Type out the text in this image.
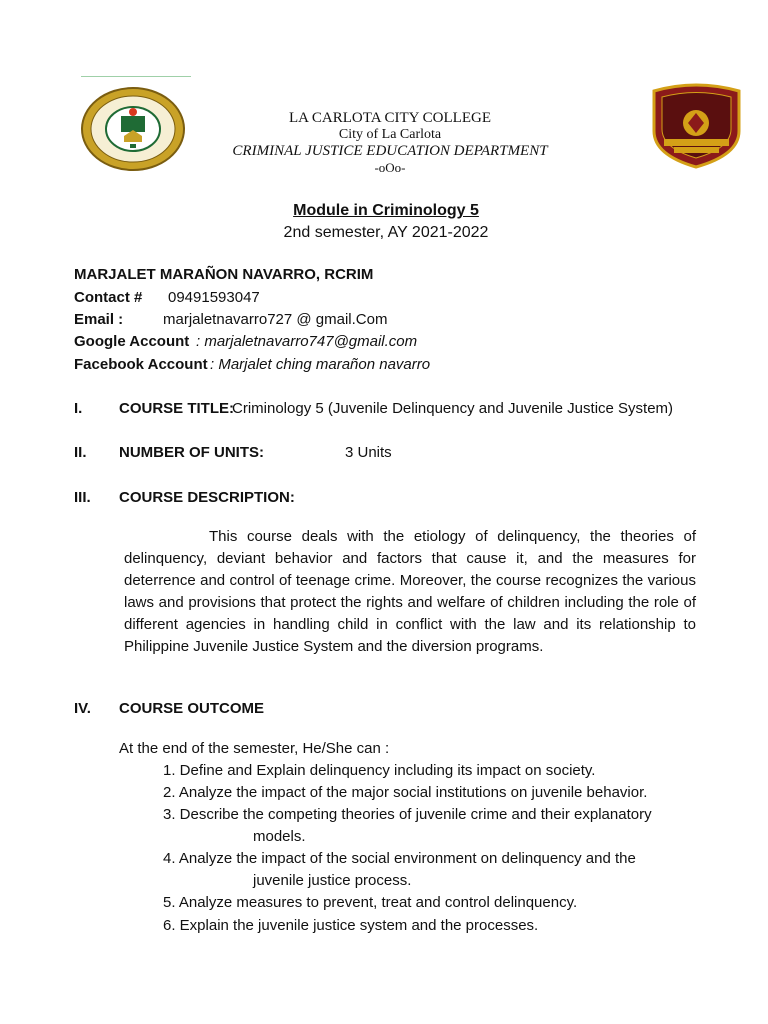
LA CARLOTA CITY COLLEGE
City of La Carlota
CRIMINAL JUSTICE EDUCATION DEPARTMENT
-oOo-
Module in Criminology 5
2nd semester, AY 2021-2022
MARJALET MARAÑON NAVARRO, RCRIM
Contact # 09491593047
Email :	marjaletnavarro727 @ gmail.Com
Google Account : marjaletnavarro747@gmail.com
Facebook Account : Marjalet ching marañon navarro
I. COURSE TITLE:
Criminology 5 (Juvenile Delinquency and Juvenile Justice System)
II. NUMBER OF UNITS:	3 Units
III. COURSE DESCRIPTION:
This course deals with the etiology of delinquency, the theories of delinquency, deviant behavior and factors that cause it, and the measures for deterrence and control of teenage crime. Moreover, the course recognizes the various laws and provisions that protect the rights and welfare of children including the role of different agencies in handling child in conflict with the law and its relationship to Philippine Juvenile Justice System and the diversion programs.
IV. COURSE OUTCOME
At the end of the semester, He/She can :
1. Define and Explain delinquency including its impact on society.
2. Analyze the impact of the major social institutions on juvenile behavior.
3. Describe the competing theories of juvenile crime and their explanatory
models.
4. Analyze the impact of the social environment on delinquency and the
juvenile justice process.
5. Analyze measures to prevent, treat and control delinquency.
6. Explain the juvenile justice system and the processes.
